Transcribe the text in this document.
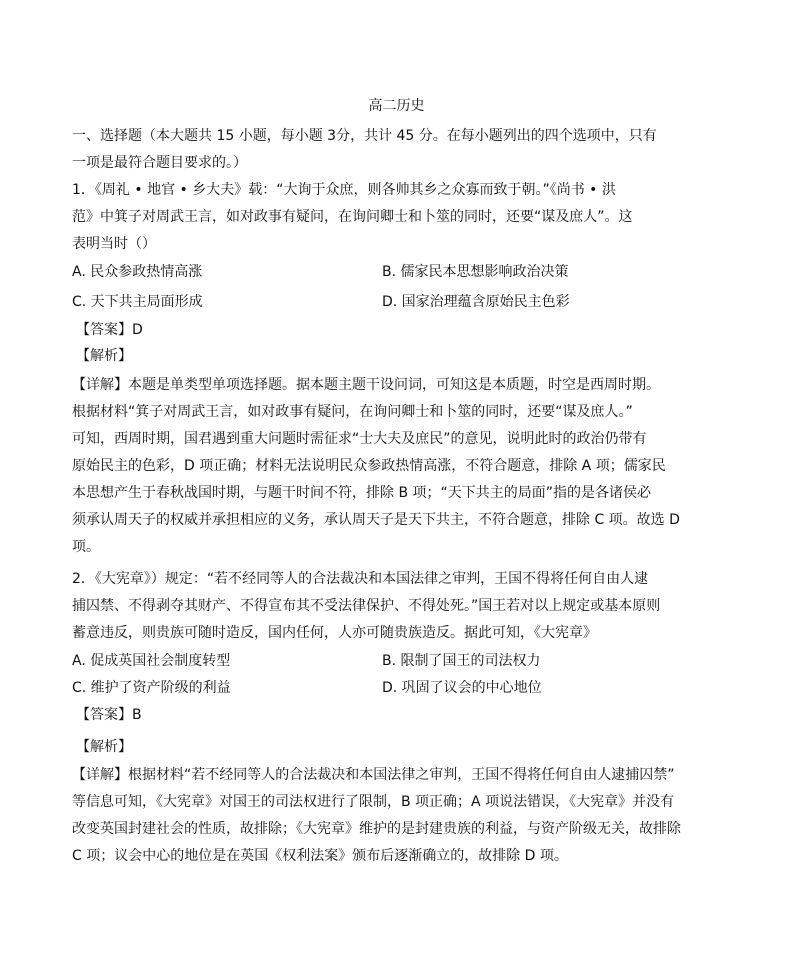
高二历史
一、选择题（本大题共 15 小题，每小题 3分，共计 45 分。在每小题列出的四个选项中，只有
一项是最符合题目要求的。）
1．《周礼 • 地官 • 乡大夫》载：“大询于众庶，则各帅其乡之众寡而致于朝。”《尚书 • 洪
范》中箕子对周武王言，如对政事有疑问，在询问卿士和卜筮的同时，还要“谋及庶人”。这
表明当时（）
A. 民众参政热情高涨	B. 儒家民本思想影响政治决策
C. 天下共主局面形成	D. 国家治理蕴含原始民主色彩
【答案】D
【解析】
【详解】本题是单类型单项选择题。据本题主题干设问词，可知这是本质题，时空是西周时期。
根据材料“箕子对周武王言，如对政事有疑问，在询问卿士和卜筮的同时，还要“谋及庶人。”
可知，西周时期，国君遇到重大问题时需征求“士大夫及庶民”的意见，说明此时的政治仍带有
原始民主的色彩，D 项正确；材料无法说明民众参政热情高涨，不符合题意，排除 A 项；儒家民
本思想产生于春秋战国时期，与题干时间不符，排除 B 项；“天下共主的局面”指的是各诸侯必
须承认周天子的权威并承担相应的义务，承认周天子是天下共主，不符合题意，排除 C 项。故选 D
项。
2．《大宪章》）规定：“若不经同等人的合法裁决和本国法律之审判，王国不得将任何自由人逮
捕囚禁、不得剥夺其财产、不得宣布其不受法律保护、不得处死。”国王若对以上规定或基本原则
蓄意违反，则贵族可随时造反，国内任何，人亦可随贵族造反。据此可知，《大宪章》
A. 促成英国社会制度转型	B. 限制了国王的司法权力
C. 维护了资产阶级的利益	D. 巩固了议会的中心地位
【答案】B
【解析】
【详解】根据材料“若不经同等人的合法裁决和本国法律之审判，王国不得将任何自由人逮捕囚禁”
等信息可知，《大宪章》对国王的司法权进行了限制，B 项正确；A 项说法错误，《大宪章》并没有
改变英国封建社会的性质，故排除；《大宪章》维护的是封建贵族的利益，与资产阶级无关，故排除
C 项；议会中心的地位是在英国《权利法案》颁布后逐渐确立的，故排除 D 项。
